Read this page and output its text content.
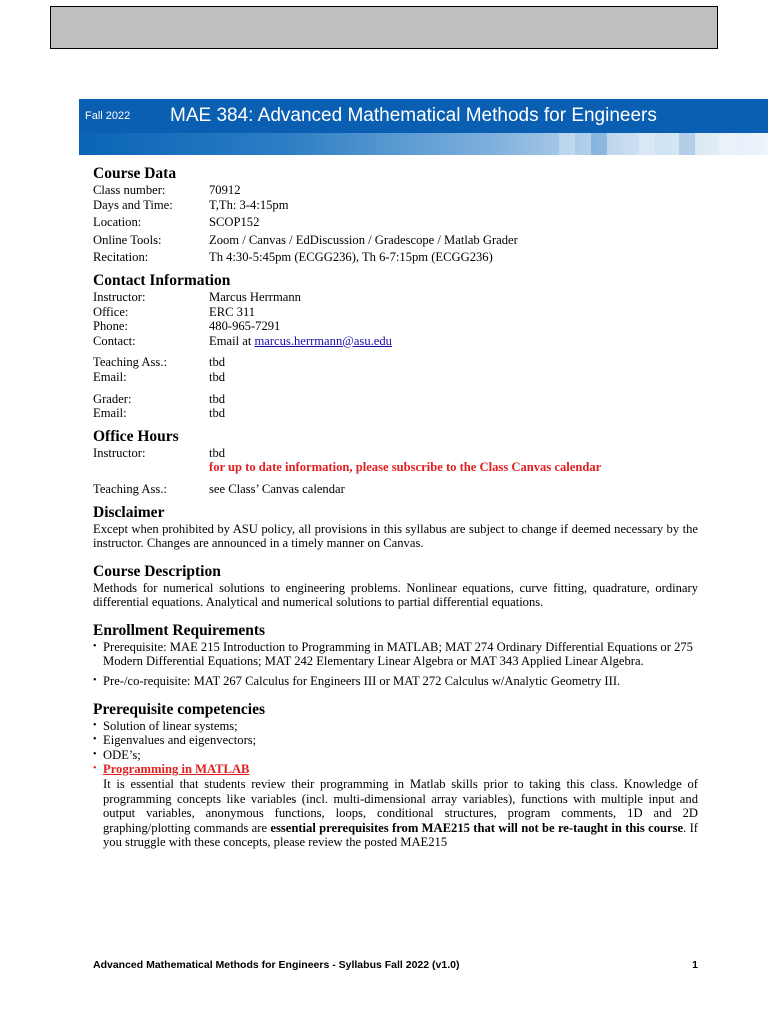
Fall 2022 MAE 384: Advanced Mathematical Methods for Engineers
Course Data
Class number:	70912
Days and Time:	T,Th: 3-4:15pm
Location:	SCOP152
Online Tools:	Zoom / Canvas / EdDiscussion / Gradescope / Matlab Grader
Recitation:	Th 4:30-5:45pm (ECGG236), Th 6-7:15pm (ECGG236)
Contact Information
Instructor:	Marcus Herrmann
Office:	ERC 311
Phone:	480-965-7291
Contact:	Email at marcus.herrmann@asu.edu
Teaching Ass.:	tbd
Email:	tbd
Grader:	tbd
Email:	tbd
Office Hours
Instructor:	tbd
for up to date information, please subscribe to the Class Canvas calendar
Teaching Ass.:	see Class’ Canvas calendar
Disclaimer

Except when prohibited by ASU policy, all provisions in this syllabus are subject to change if deemed necessary by the instructor. Changes are announced in a timely manner on Canvas.

Course Description

Methods for numerical solutions to engineering problems. Nonlinear equations, curve fitting, quadrature, ordinary differential equations. Analytical and numerical solutions to partial differential equations.

Enrollment Requirements
• Prerequisite: MAE 215 Introduction to Programming in MATLAB; MAT 274 Ordinary Differential Equations or 275 Modern Differential Equations; MAT 242 Elementary Linear Algebra or MAT 343 Applied Linear Algebra.
• Pre-/co-requisite: MAT 267 Calculus for Engineers III or MAT 272 Calculus w/Analytic Geometry III.
Prerequisite competencies
• Solution of linear systems;
• Eigenvalues and eigenvectors;
• ODE’s;
• Programming in MATLAB
It is essential that students review their programming in Matlab skills prior to taking this class. Knowledge of programming concepts like variables (incl. multi-dimensional array variables), functions with multiple input and output variables, anonymous functions, loops, conditional structures, program comments, 1D and 2D graphing/plotting commands are essential prerequisites from MAE215 that will not be re-taught in this course. If you struggle with these concepts, please review the posted MAE215
Advanced Mathematical Methods for Engineers - Syllabus Fall 2022 (v1.0)	1
